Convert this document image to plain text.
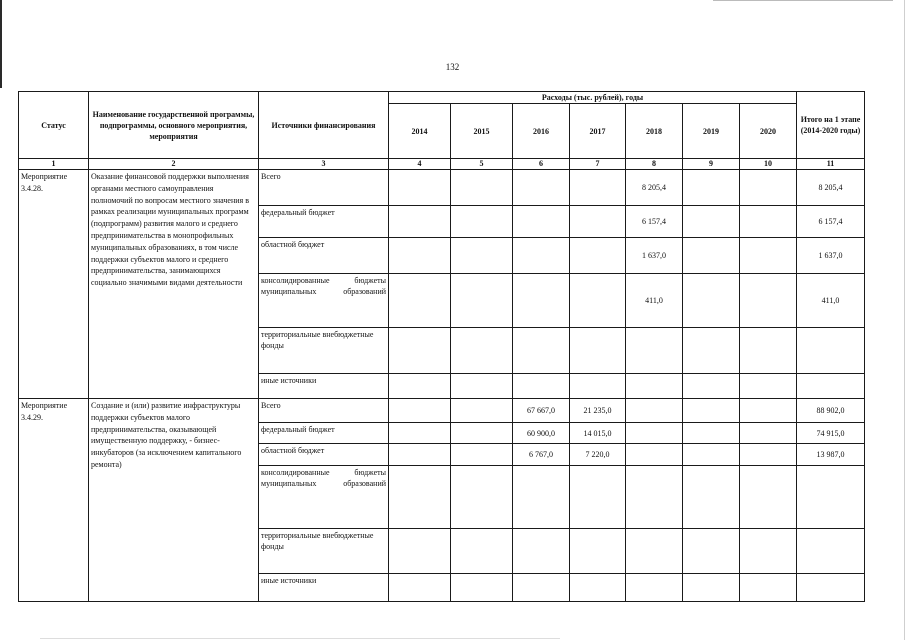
132
Статус	Наименование государственной программы, подпрограммы, основного мероприятия, мероприятия	Источники финансирования	Расходы (тыс. рублей), годы							Итого на 1 этапе (2014-2020 годы)
			2014	2015	2016	2017	2018	2019	2020	
1	2	3	4	5	6	7	8	9	10	11
Мероприятие 3.4.28.	Оказание финансовой поддержки выполнения органами местного самоуправления полномочий по вопросам местного значения в рамках реализации муниципальных программ (подпрограмм) развития малого и среднего предпринимательства в монопрофильных муниципальных образованиях, в том числе поддержки субъектов малого и среднего предпринимательства, занимающихся социально значимыми видами деятельности	Всего					8 205,4			8 205,4
		федеральный бюджет					6 157,4			6 157,4
		областной бюджет					1 637,0			1 637,0
		консолидированные бюджеты муниципальных образований					411,0			411,0
		территориальные внебюджетные фонды								
		иные источники								
Мероприятие 3.4.29.	Создание и (или) развитие инфраструктуры поддержки субъектов малого предпринимательства, оказывающей имущественную поддержку, - бизнес-инкубаторов (за исключением капитального ремонта)	Всего			67 667,0	21 235,0				88 902,0
		федеральный бюджет			60 900,0	14 015,0				74 915,0
		областной бюджет			6 767,0	7 220,0				13 987,0
		консолидированные бюджеты муниципальных образований								
		территориальные внебюджетные фонды								
		иные источники								
